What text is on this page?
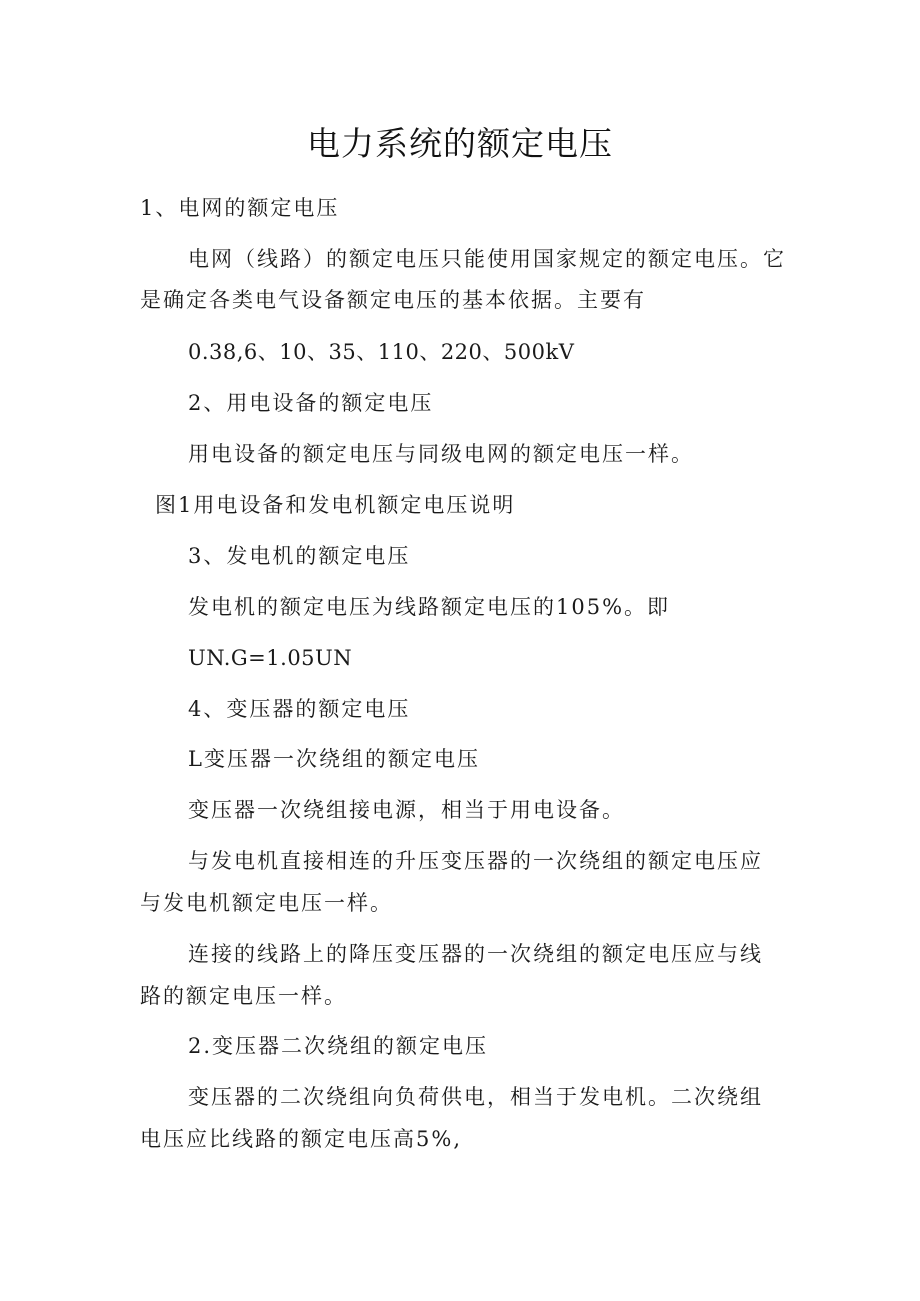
电力系统的额定电压
1、电网的额定电压
电网（线路）的额定电压只能使用国家规定的额定电压。它
是确定各类电气设备额定电压的基本依据。主要有
0.38,6、10、35、110、220、500kV
2、用电设备的额定电压
用电设备的额定电压与同级电网的额定电压一样。
图1用电设备和发电机额定电压说明
3、发电机的额定电压
发电机的额定电压为线路额定电压的105%。即
UN.G=1.05UN
4、变压器的额定电压
L变压器一次绕组的额定电压
变压器一次绕组接电源，相当于用电设备。
与发电机直接相连的升压变压器的一次绕组的额定电压应
与发电机额定电压一样。
连接的线路上的降压变压器的一次绕组的额定电压应与线
路的额定电压一样。
2.变压器二次绕组的额定电压
变压器的二次绕组向负荷供电，相当于发电机。二次绕组
电压应比线路的额定电压高5%,
